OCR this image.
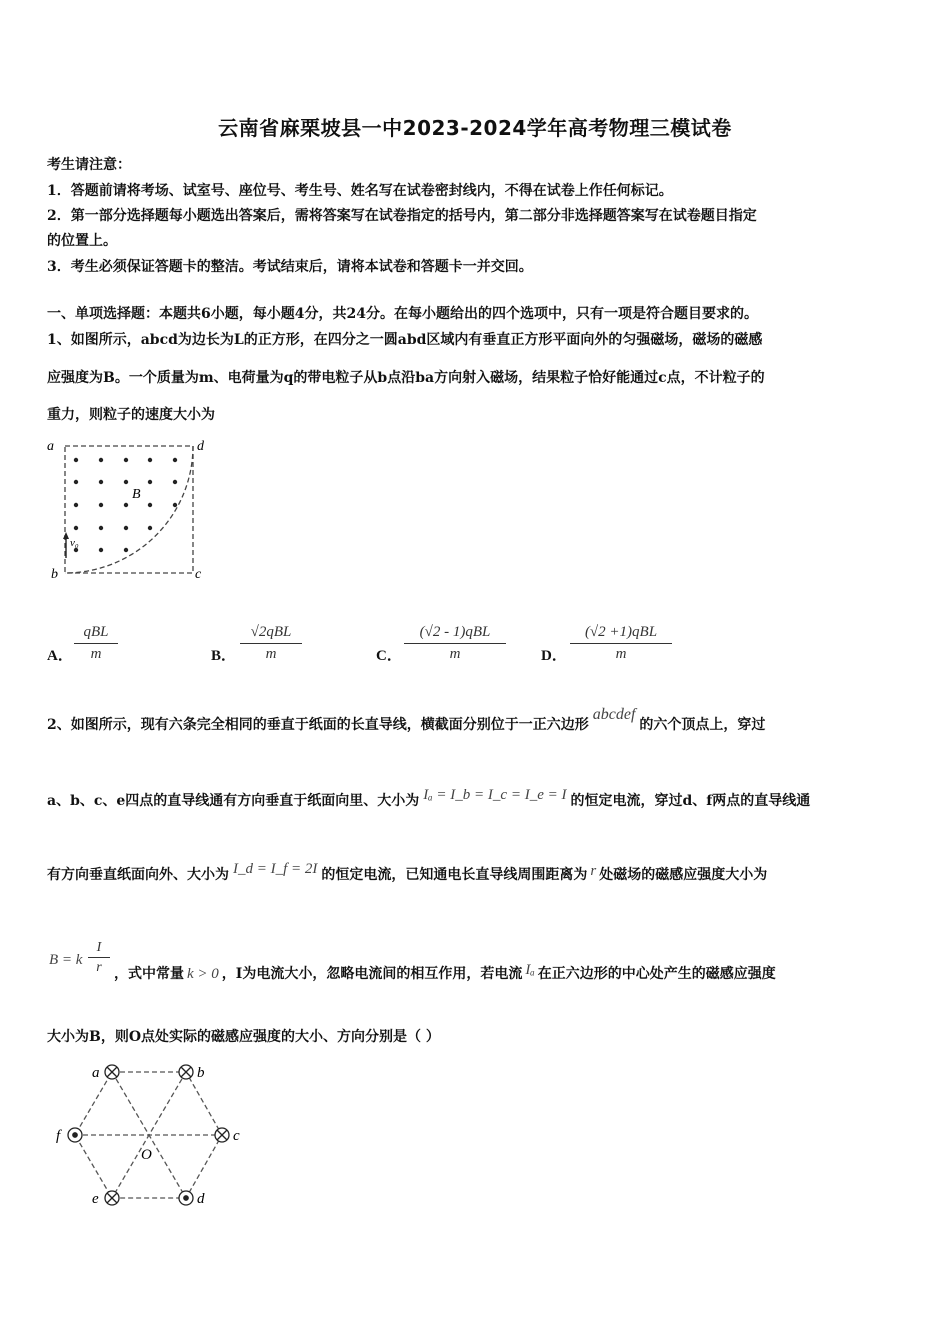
云南省麻栗坡县一中2023-2024学年高考物理三模试卷
考生请注意：
1．答题前请将考场、试室号、座位号、考生号、姓名写在试卷密封线内，不得在试卷上作任何标记。
2．第一部分选择题每小题选出答案后，需将答案写在试卷指定的括号内，第二部分非选择题答案写在试卷题目指定
的位置上。
3．考生必须保证答题卡的整洁。考试结束后，请将本试卷和答题卡一并交回。
一、单项选择题：本题共6小题，每小题4分，共24分。在每小题给出的四个选项中，只有一项是符合题目要求的。
1、如图所示，abcd为边长为L的正方形，在四分之一圆abd区域内有垂直正方形平面向外的匀强磁场，磁场的磁感
应强度为B。一个质量为m、电荷量为q的带电粒子从b点沿ba方向射入磁场，结果粒子恰好能通过c点，不计粒子的
重力，则粒子的速度大小为
a	d
b	c
B
v₀
A．
qBL
m	B．
√2qBL
m	C．
(√2 - 1)qBL
m	D．
(√2 +1)qBL
m
2、如图所示，现有六条完全相同的垂直于纸面的长直导线，横截面分别位于一正六边形abcdef的六个顶点上，穿过
a、b、c、e四点的直导线通有方向垂直于纸面向里、大小为 Iₐ = I_b = I_c = I_e = I 的恒定电流，穿过d、f两点的直导线通
有方向垂直纸面向外、大小为 I_d = I_f = 2I 的恒定电流，已知通电长直导线周围距离为 r 处磁场的磁感应强度大小为
B = k $\frac{I}{r}$ ，式中常量 k > 0 ，I为电流大小，忽略电流间的相互作用，若电流 Iₐ 在正六边形的中心处产生的磁感应强度
大小为B，则O点处实际的磁感应强度的大小、方向分别是（ ）
a	b
c
d
e
f
O
